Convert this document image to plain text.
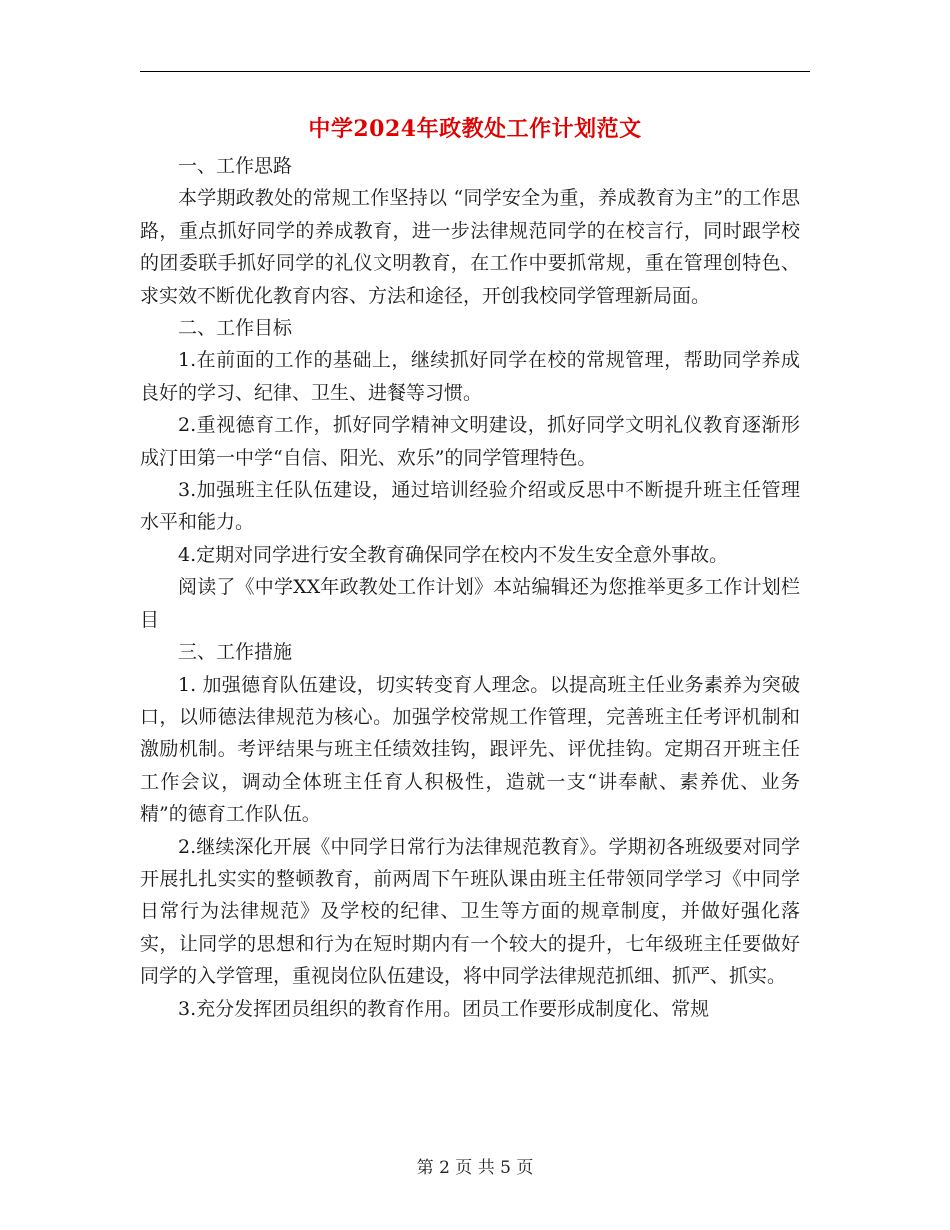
中学2024年政教处工作计划范文

一、工作思路

本学期政教处的常规工作坚持以 “同学安全为重，养成教育为主”的工作思路，重点抓好同学的养成教育，进一步法律规范同学的在校言行，同时跟学校的团委联手抓好同学的礼仪文明教育，在工作中要抓常规，重在管理创特色、求实效不断优化教育内容、方法和途径，开创我校同学管理新局面。

二、工作目标

1.在前面的工作的基础上，继续抓好同学在校的常规管理，帮助同学养成良好的学习、纪律、卫生、进餐等习惯。

2.重视德育工作，抓好同学精神文明建设，抓好同学文明礼仪教育逐渐形成汀田第一中学“自信、阳光、欢乐”的同学管理特色。

3.加强班主任队伍建设，通过培训经验介绍或反思中不断提升班主任管理水平和能力。

4.定期对同学进行安全教育确保同学在校内不发生安全意外事故。

阅读了《中学XX年政教处工作计划》本站编辑还为您推举更多工作计划栏目

三、工作措施

1. 加强德育队伍建设，切实转变育人理念。以提高班主任业务素养为突破口，以师德法律规范为核心。加强学校常规工作管理，完善班主任考评机制和激励机制。考评结果与班主任绩效挂钩，跟评先、评优挂钩。定期召开班主任工作会议，调动全体班主任育人积极性，造就一支“讲奉献、素养优、业务精”的德育工作队伍。

2.继续深化开展《中同学日常行为法律规范教育》。学期初各班级要对同学开展扎扎实实的整顿教育，前两周下午班队课由班主任带领同学学习《中同学日常行为法律规范》及学校的纪律、卫生等方面的规章制度，并做好强化落实，让同学的思想和行为在短时期内有一个较大的提升，七年级班主任要做好同学的入学管理，重视岗位队伍建设，将中同学法律规范抓细、抓严、抓实。

3.充分发挥团员组织的教育作用。团员工作要形成制度化、常规

第 2 页 共 5 页
